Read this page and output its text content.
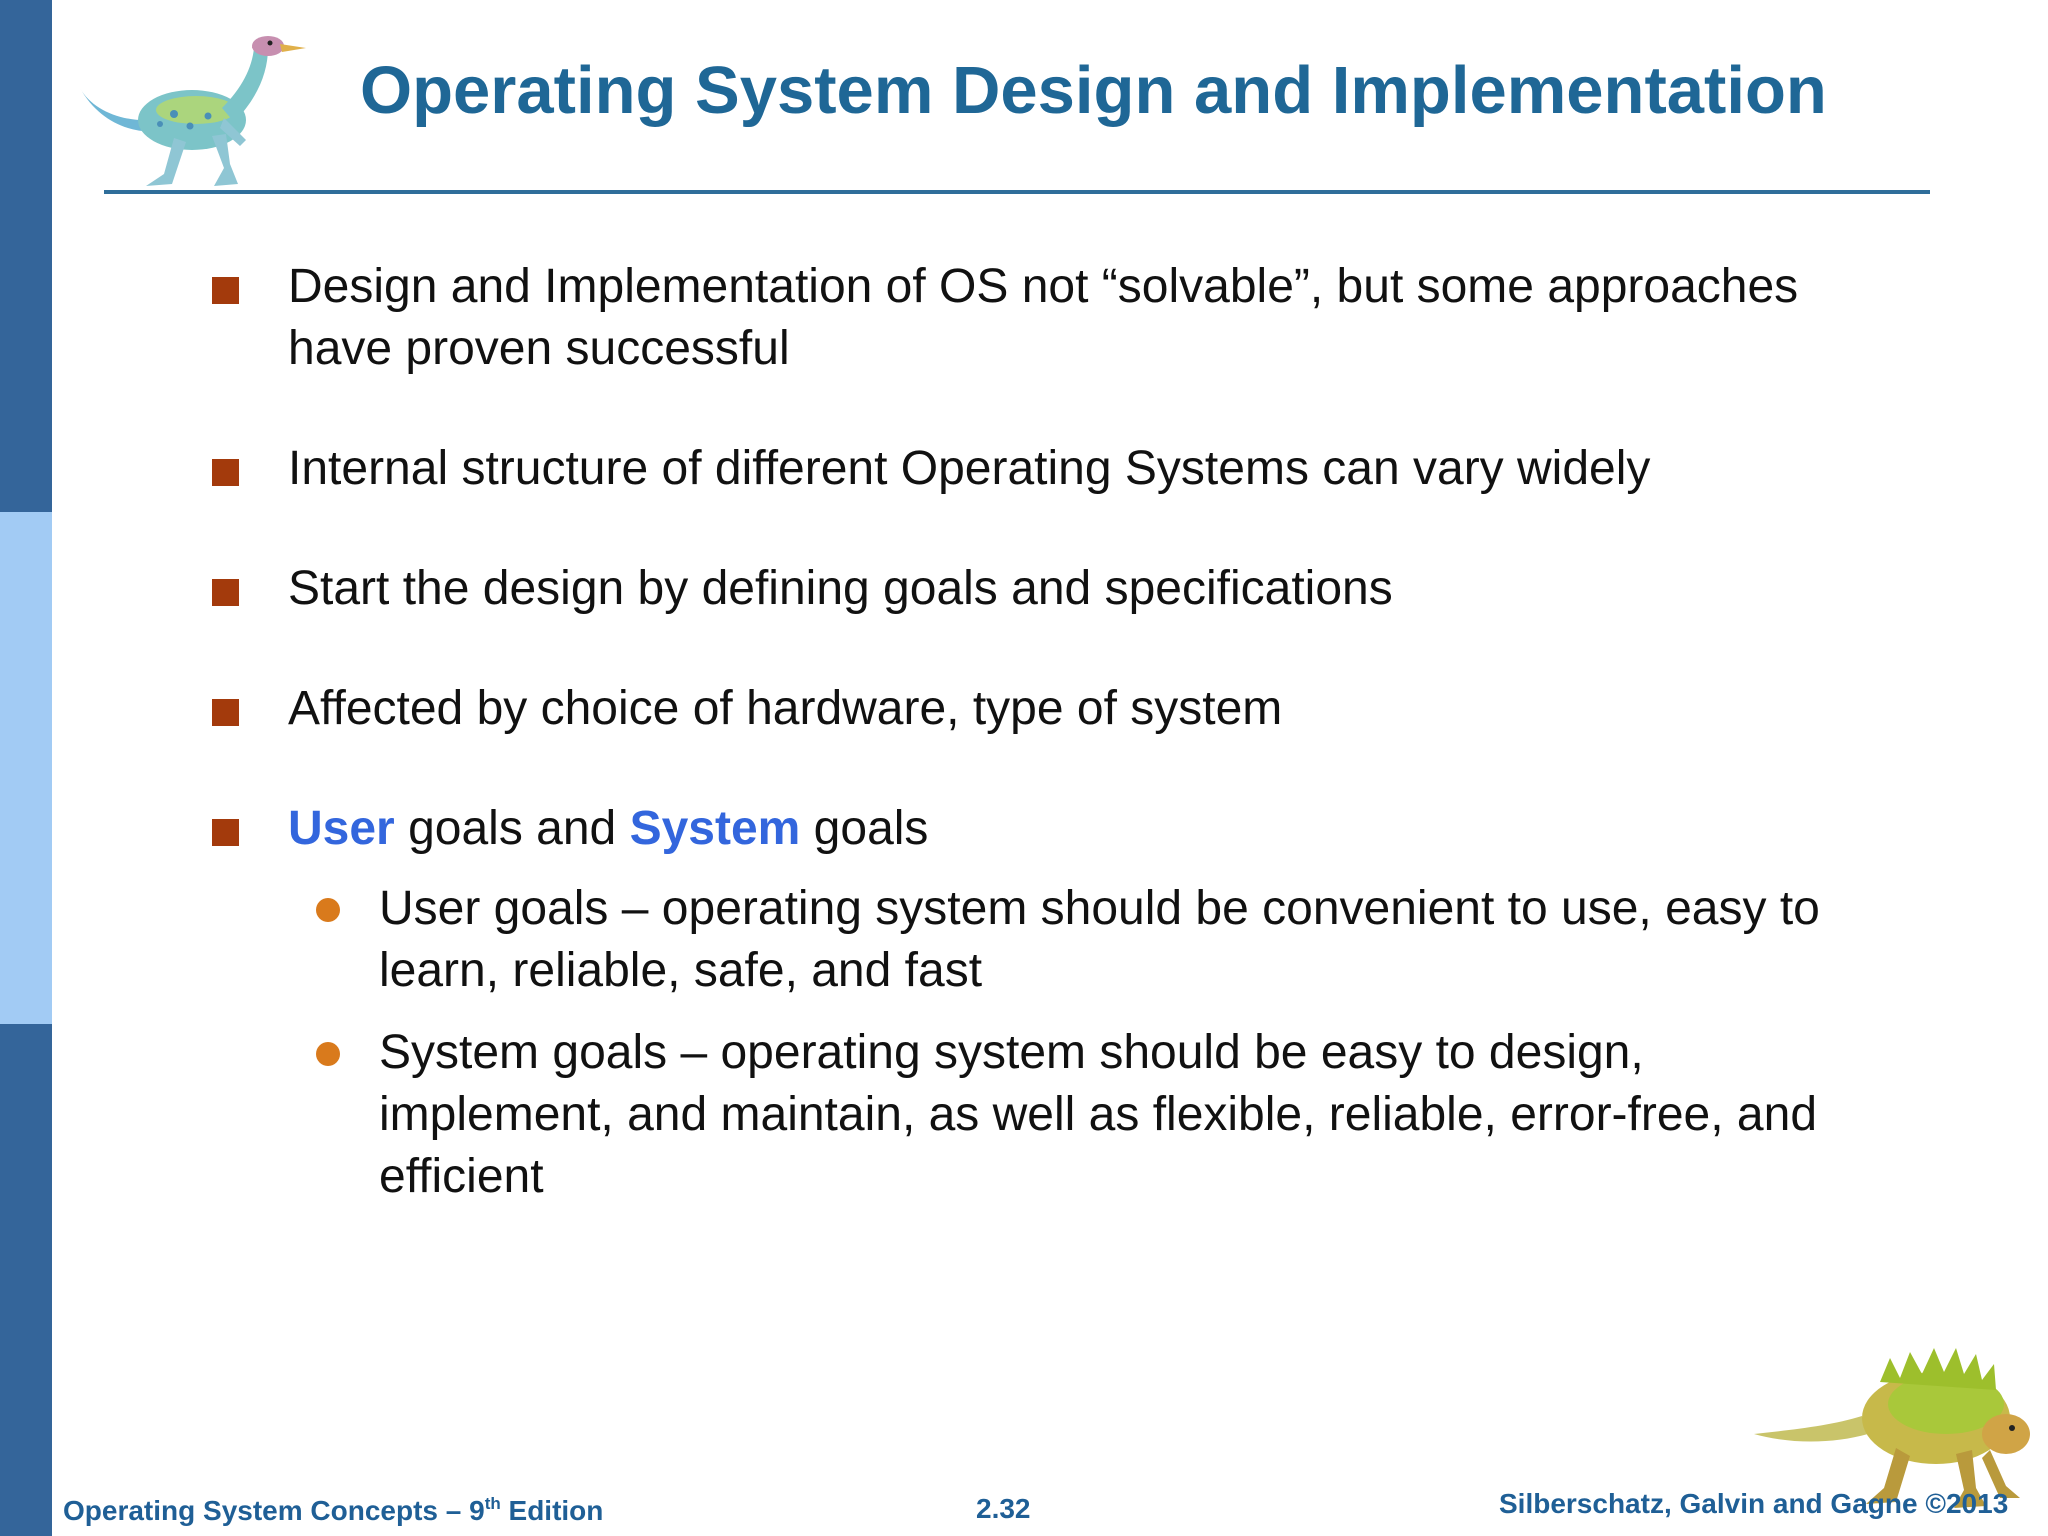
Operating System Design and Implementation
Design and Implementation of OS not “solvable”, but some approaches have proven successful
Internal structure of different Operating Systems can vary widely
Start the design by defining goals and specifications
Affected by choice of hardware, type of system
User goals and System goals
User goals – operating system should be convenient to use, easy to learn, reliable, safe, and fast
System goals – operating system should be easy to design, implement, and maintain, as well as flexible, reliable, error-free, and efficient
Operating System Concepts – 9th Edition	2.32	Silberschatz, Galvin and Gagne ©2013
